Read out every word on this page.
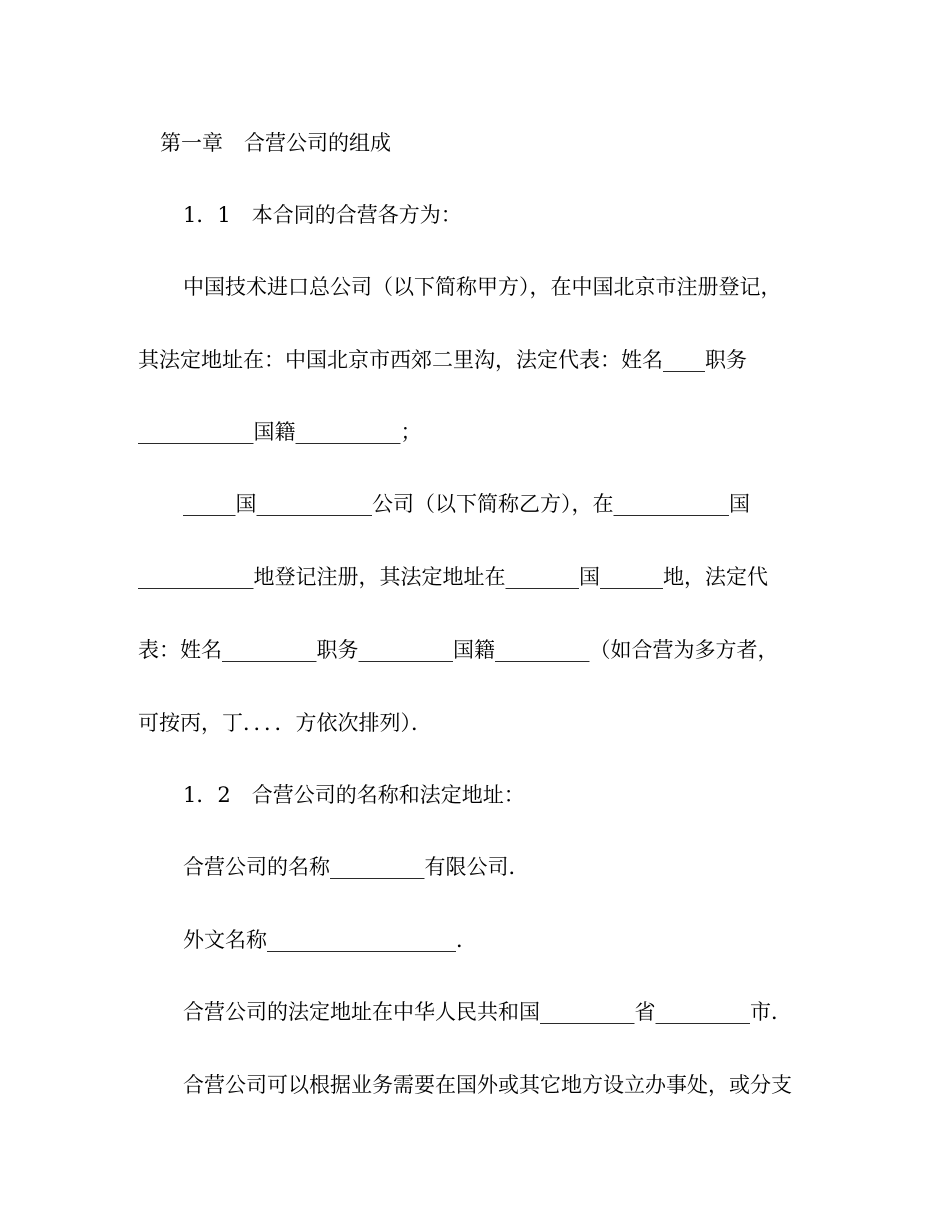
第一章　合营公司的组成

1．1　本合同的合营各方为：

中国技术进口总公司（以下简称甲方），在中国北京市注册登记，

其法定地址在：中国北京市西郊二里沟，法定代表：姓名____职务

___________国籍__________；

_____国___________公司（以下简称乙方），在___________国

___________地登记注册，其法定地址在_______国______地，法定代

表：姓名_________职务_________国籍_________（如合营为多方者，

可按丙，丁．．．．方依次排列）．

1．2　合营公司的名称和法定地址：

合营公司的名称_________有限公司．

外文名称__________________．

合营公司的法定地址在中华人民共和国_________省_________市．

合营公司可以根据业务需要在国外或其它地方设立办事处，或分支
